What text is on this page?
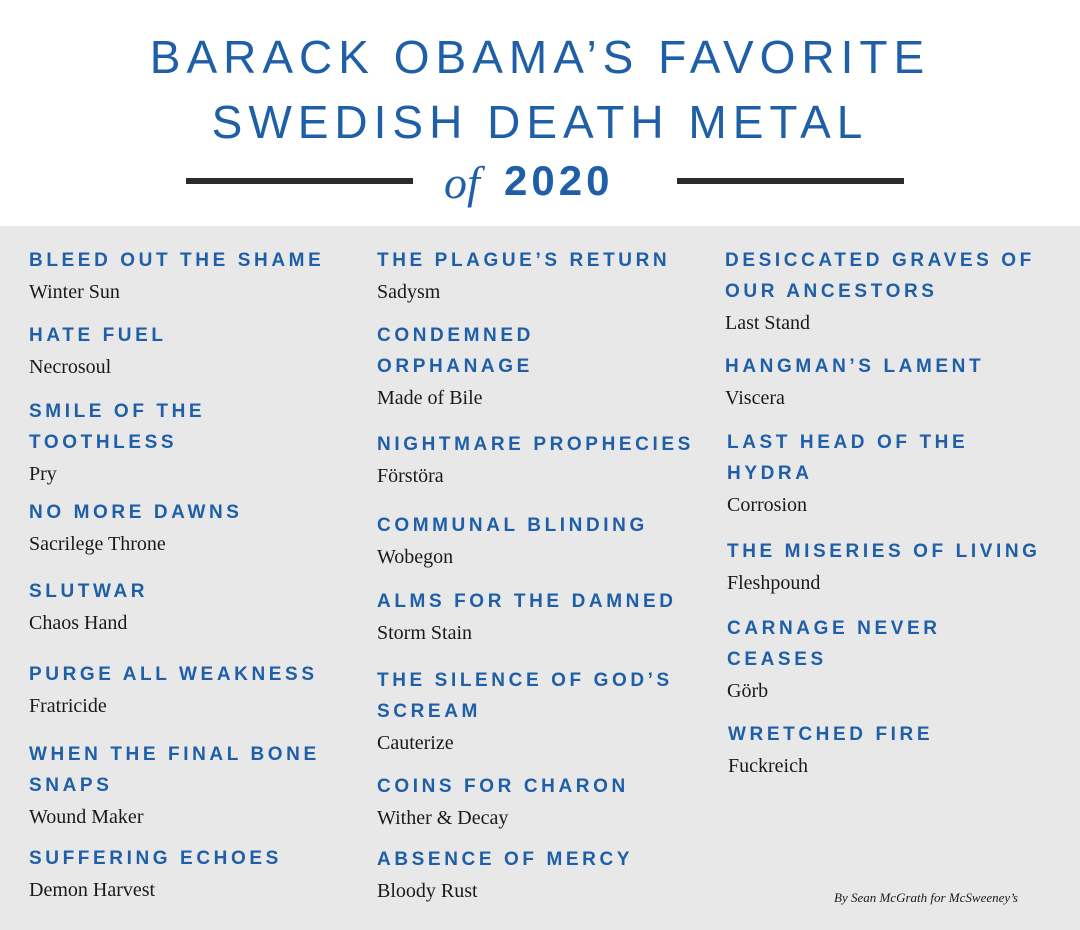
BARACK OBAMA’S FAVORITE
SWEDISH DEATH METAL
of 2020
BLEED OUT THE SHAME
Winter Sun
HATE FUEL
Necrosoul
SMILE OF THE TOOTHLESS
Pry
NO MORE DAWNS
Sacrilege Throne
SLUTWAR
Chaos Hand
PURGE ALL WEAKNESS
Fratricide
WHEN THE FINAL BONE SNAPS
Wound Maker
SUFFERING ECHOES
Demon Harvest
THE PLAGUE’S RETURN
Sadysm
CONDEMNED ORPHANAGE
Made of Bile
NIGHTMARE PROPHECIES
Förstöra
COMMUNAL BLINDING
Wobegon
ALMS FOR THE DAMNED
Storm Stain
THE SILENCE OF GOD’S SCREAM
Cauterize
COINS FOR CHARON
Wither & Decay
ABSENCE OF MERCY
Bloody Rust
DESICCATED GRAVES OF OUR ANCESTORS
Last Stand
HANGMAN’S LAMENT
Viscera
LAST HEAD OF THE HYDRA
Corrosion
THE MISERIES OF LIVING
Fleshpound
CARNAGE NEVER CEASES
Görb
WRETCHED FIRE
Fuckreich
By Sean McGrath for McSweeney’s
